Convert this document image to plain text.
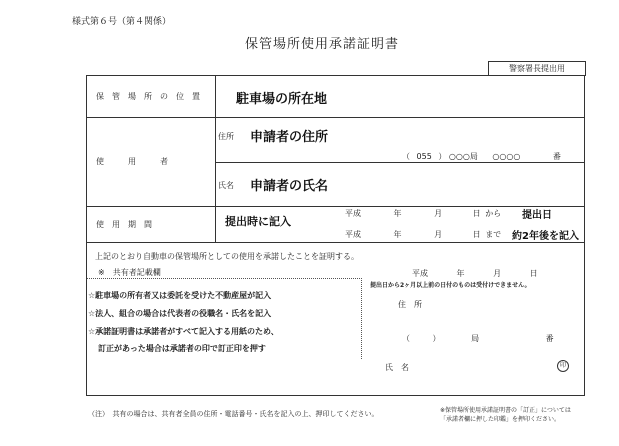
様式第６号（第４関係）
保管場所使用承諾証明書
警察署長提出用
保　管　場　所　の　位　置	駐車場の所在地
使　　　用　　　者
住所 申請者の住所
（ 055 ） ○○○局 ○○○○	番
氏名 申請者の氏名
使　用　期　間	提出時に記入
平成	年	月	日 から 提出日
平成	年	月	日 まで 約2年後を記入
上記のとおり自動車の保管場所としての使用を承諾したことを証明する。
※　共有者記載欄
☆駐車場の所有者又は委託を受けた不動産屋が記入
☆法人、組合の場合は代表者の役職名・氏名を記入
☆承諾証明書は承諾者がすべて記入する用紙のため、
訂正があった場合は承諾者の印で訂正印を押す
平成	年	月	日
提出日から2ヶ月以上前の日付のものは受付けできません。
住　所
（	）	局	番
氏　名	印
（注）　共有の場合は、共有者全員の住所・電話番号・氏名を記入の上、押印してください。	※保管場所使用承諾証明書の「訂正」については
「承諾者欄に押した印鑑」を押印ください。
